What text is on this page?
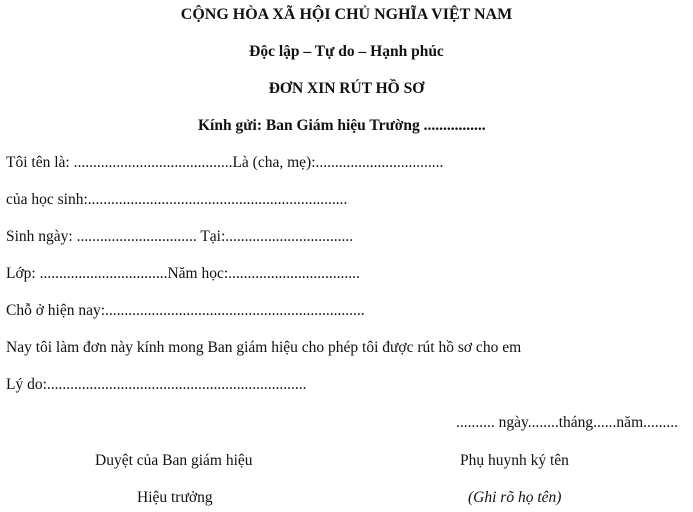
CỘNG HÒA XÃ HỘI CHỦ NGHĨA VIỆT NAM
Độc lập – Tự do – Hạnh phúc
ĐƠN XIN RÚT HỒ SƠ
Kính gửi: Ban Giám hiệu Trường ................
Tôi tên là: .........................................Là (cha, mẹ):.................................
của học sinh:...................................................................
Sinh ngày: ............................... Tại:.................................
Lớp: .................................Năm học:..................................
Chỗ ở hiện nay:...................................................................
Nay tôi làm đơn này kính mong Ban giám hiệu cho phép tôi được rút hồ sơ cho em
Lý do:...................................................................
.......... ngày........tháng......năm.........
Duyệt của Ban giám hiệu	Phụ huynh ký tên
Hiệu trưởng	(Ghi rõ họ tên)
